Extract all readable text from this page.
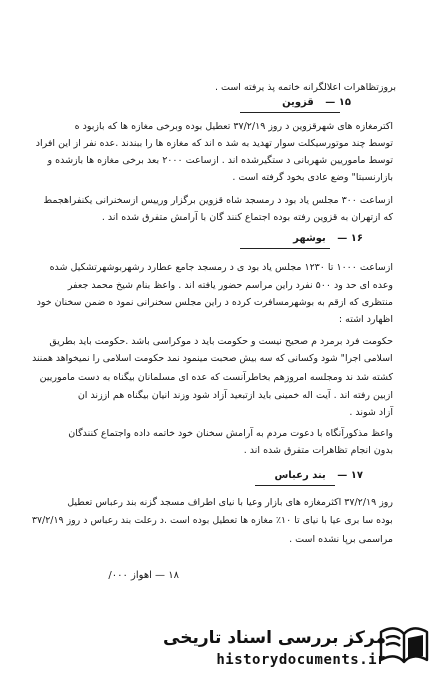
بروزتظاهرات اعلالگرانه خاتمه پذ یرفته است .
۱۵ — قزوین
اکترمغازه های شهرقزوین د روز ۳۷/۲/۱۹ تعطیل بوده وبرخی مغازه ها که بازبود ه
توسط چند موتورسیکلت سوار تهدید به شد ه اند که مغازه ها را ببندند .عده نفر از این افراد
توسط ماموریین شهربانی د ستگیرشده اند . ازساعت ۲۰۰۰ بعد برخی مغازه ها بازشده و
بازارنسبتا" وضع عادی بخود گرفته است .
ازساعت ۳۰۰ مجلس یاد بود د رمسجد شاه قزوین برگزار ورییس ازسخنرانی یکنفراهجمط
که ازتهران به قزوین رفته بوده اجتماع کنند گان با آرامش متفرق شده اند .
۱۶ — بوشهر
ازساعت ۱۰۰۰ تا ۱۲۳۰ مجلس یاد بود ی د رمسجد جامع عطارد رشهربوشهرتشکیل شده
وعده ای حد ود ۵۰۰ نفرد راین مراسم حضور یافته اند . واعظ بنام شیخ محمد جعفر
منتظری که ازقم به بوشهرمسافرت کرده د راین مجلس سخنرانی نمود ه ضمن سخنان خود
اظهارد اشته :
حکومت فرد برمرد م صحیح نیست و حکومت باید د موکراسی باشد .حکومت باید بطریق
اسلامی اجرا" شود وکسانی که سه بیش صحبت مینمود نمد حکومت اسلامی را نمیخواهد همنند
کشته شد ند ومجلسه امروزهم بخاطرآنست که عده ای مسلمانان بیگناه به دست ماموریین
ازبین رفته اند . آیت اله خمینی باید ازتبعید آزاد شود وزند انیان بیگناه هم اززند ان
آزاد شوند .
واعظ مذکورآنگاه با دعوت مردم به آرامش سخنان خود خاتمه داده واجتماع کنندگان
بدون انجام تظاهرات متفرق شده اند .
۱۷ — بند رعباس
روز ۳۷/۲/۱۹ اکثرمغازه های بازار وعیا با نیای اطراف مسجد گزنه بند رعباس تعطیل
بوده سا بری عیا با نیای تا ۱۰٪ مغازه ها تعطیل بوده است .د رعلت بند رعباس د روز ۳۷/۲/۱۹
مراسمی برپا نشده است .
۱۸ — اهواز ۰۰۰/
مرکز بررسی اسناد تاریخی
historydocuments.ir
